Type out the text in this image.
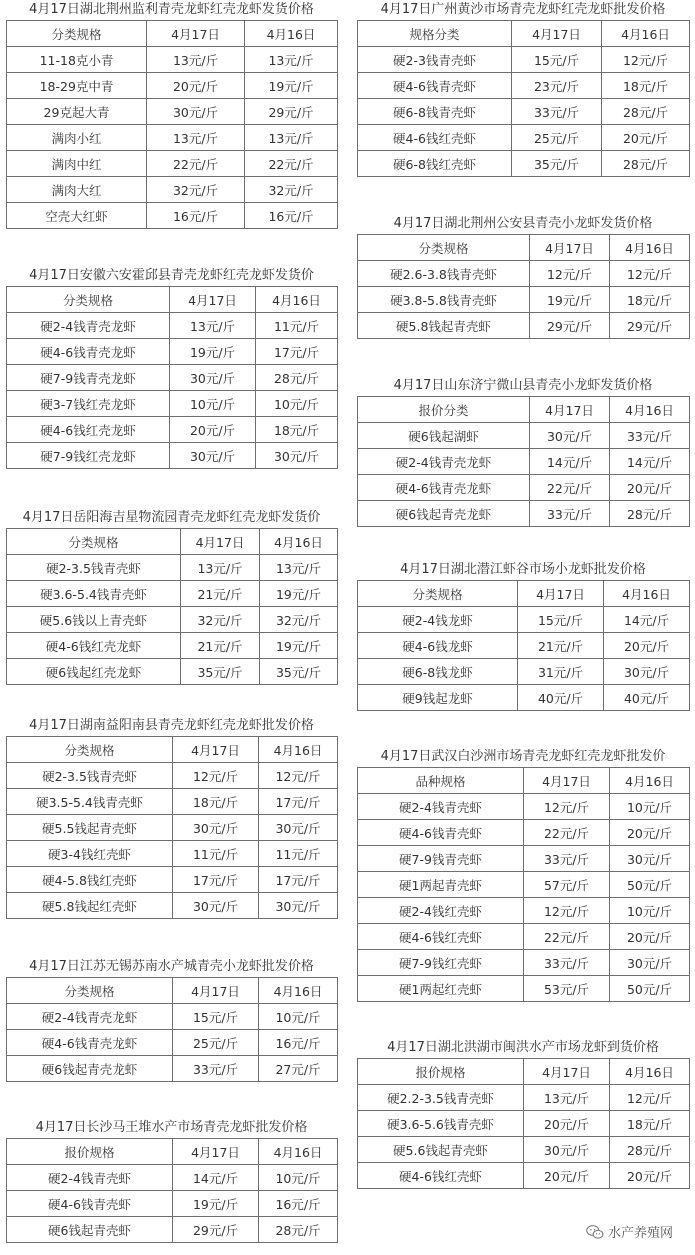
4月17日湖北荆州监利青壳龙虾红壳龙虾发货价格
分类规格	4月17日	4月16日
11-18克小青	13元/斤	13元/斤
18-29克中青	20元/斤	19元/斤
29克起大青	30元/斤	29元/斤
满肉小红	13元/斤	13元/斤
满肉中红	22元/斤	22元/斤
满肉大红	32元/斤	32元/斤
空壳大红虾	16元/斤	16元/斤
4月17日安徽六安霍邱县青壳龙虾红壳龙虾发货价
分类规格	4月17日	4月16日
硬2-4钱青壳龙虾	13元/斤	11元/斤
硬4-6钱青壳龙虾	19元/斤	17元/斤
硬7-9钱青壳龙虾	30元/斤	28元/斤
硬3-7钱红壳龙虾	10元/斤	10元/斤
硬4-6钱红壳龙虾	20元/斤	18元/斤
硬7-9钱红壳龙虾	30元/斤	30元/斤
4月17日岳阳海吉星物流园青壳龙虾红壳龙虾发货价
分类规格	4月17日	4月16日
硬2-3.5钱青壳虾	13元/斤	13元/斤
硬3.6-5.4钱青壳虾	21元/斤	19元/斤
硬5.6钱以上青壳虾	32元/斤	32元/斤
硬4-6钱红壳龙虾	21元/斤	19元/斤
硬6钱起红壳龙虾	35元/斤	35元/斤
4月17日湖南益阳南县青壳龙虾红壳龙虾批发价格
分类规格	4月17日	4月16日
硬2-3.5钱青壳虾	12元/斤	12元/斤
硬3.5-5.4钱青壳虾	18元/斤	17元/斤
硬5.5钱起青壳虾	30元/斤	30元/斤
硬3-4钱红壳虾	11元/斤	11元/斤
硬4-5.8钱红壳虾	17元/斤	17元/斤
硬5.8钱起红壳虾	30元/斤	30元/斤
4月17日江苏无锡苏南水产城青壳小龙虾批发价格
分类规格	4月17日	4月16日
硬2-4钱青壳龙虾	15元/斤	10元/斤
硬4-6钱青壳龙虾	25元/斤	16元/斤
硬6钱起青壳龙虾	33元/斤	27元/斤
4月17日长沙马王堆水产市场青壳龙虾批发价格
报价规格	4月17日	4月16日
硬2-4钱青壳虾	14元/斤	10元/斤
硬4-6钱青壳虾	19元/斤	16元/斤
硬6钱起青壳虾	29元/斤	28元/斤
4月17日广州黄沙市场青壳龙虾红壳龙虾批发价格
规格分类	4月17日	4月16日
硬2-3钱青壳虾	15元/斤	12元/斤
硬4-6钱青壳虾	23元/斤	18元/斤
硬6-8钱青壳虾	33元/斤	28元/斤
硬4-6钱红壳虾	25元/斤	20元/斤
硬6-8钱红壳虾	35元/斤	28元/斤
4月17日湖北荆州公安县青壳小龙虾发货价格
分类规格	4月17日	4月16日
硬2.6-3.8钱青壳虾	12元/斤	12元/斤
硬3.8-5.8钱青壳虾	19元/斤	18元/斤
硬5.8钱起青壳虾	29元/斤	29元/斤
4月17日山东济宁微山县青壳小龙虾发货价格
报价分类	4月17日	4月16日
硬6钱起湖虾	30元/斤	33元/斤
硬2-4钱青壳龙虾	14元/斤	14元/斤
硬4-6钱青壳龙虾	22元/斤	20元/斤
硬6钱起青壳龙虾	33元/斤	28元/斤
4月17日湖北潜江虾谷市场小龙虾批发价格
分类规格	4月17日	4月16日
硬2-4钱龙虾	15元/斤	14元/斤
硬4-6钱龙虾	21元/斤	20元/斤
硬6-8钱龙虾	31元/斤	30元/斤
硬9钱起龙虾	40元/斤	40元/斤
4月17日武汉白沙洲市场青壳龙虾红壳龙虾批发价
品种规格	4月17日	4月16日
硬2-4钱青壳虾	12元/斤	10元/斤
硬4-6钱青壳虾	22元/斤	20元/斤
硬7-9钱青壳虾	33元/斤	30元/斤
硬1两起青壳虾	57元/斤	50元/斤
硬2-4钱红壳虾	12元/斤	10元/斤
硬4-6钱红壳虾	22元/斤	20元/斤
硬7-9钱红壳虾	33元/斤	30元/斤
硬1两起红壳虾	53元/斤	50元/斤
4月17日湖北洪湖市闽洪水产市场龙虾到货价格
报价规格	4月17日	4月16日
硬2.2-3.5钱青壳虾	13元/斤	12元/斤
硬3.6-5.6钱青壳虾	20元/斤	18元/斤
硬5.6钱起青壳虾	30元/斤	28元/斤
硬4-6钱红壳虾	20元/斤	20元/斤
水产养殖网
